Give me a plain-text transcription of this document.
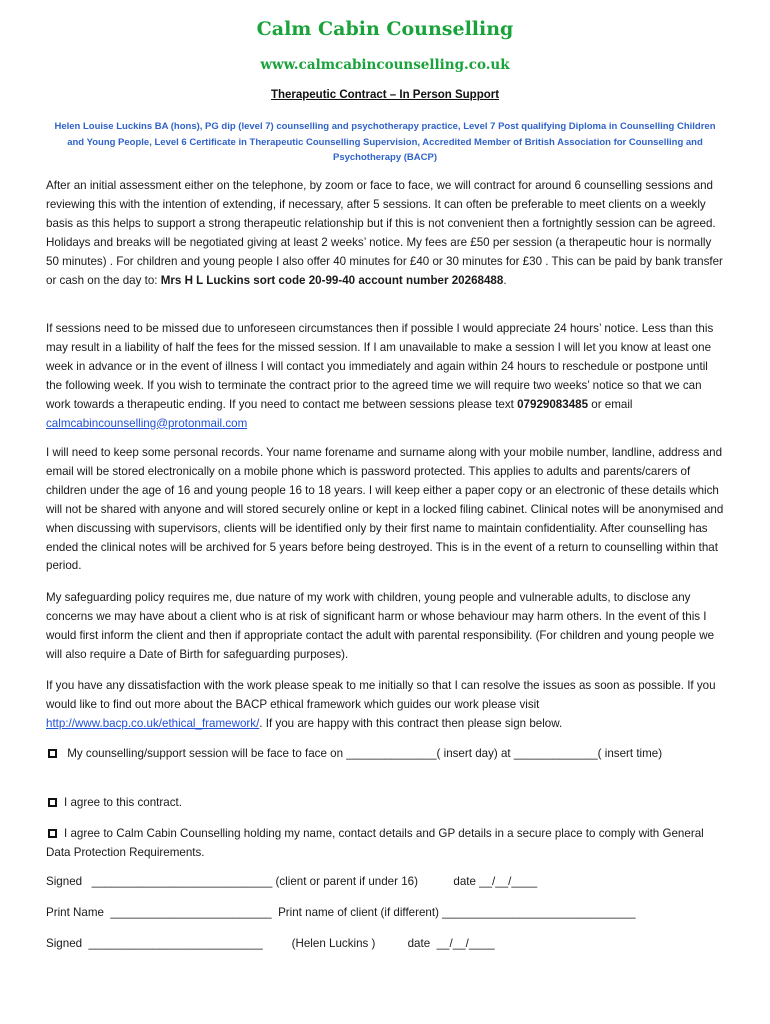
Calm Cabin Counselling
www.calmcabincounselling.co.uk
Therapeutic Contract – In Person Support
Helen Louise Luckins BA (hons), PG dip (level 7) counselling and psychotherapy practice, Level 7 Post qualifying Diploma in Counselling Children and Young People, Level 6 Certificate in Therapeutic Counselling Supervision, Accredited Member of British Association for Counselling and Psychotherapy (BACP)
After an initial assessment either on the telephone, by zoom or face to face, we will contract for around 6 counselling sessions and reviewing this with the intention of extending, if necessary, after 5 sessions. It can often be preferable to meet clients on a weekly basis as this helps to support a strong therapeutic relationship but if this is not convenient then a fortnightly session can be agreed. Holidays and breaks will be negotiated giving at least 2 weeks’ notice. My fees are £50 per session (a therapeutic hour is normally 50 minutes) . For children and young people I also offer 40 minutes for £40 or 30 minutes for £30 . This can be paid by bank transfer or cash on the day to: Mrs H L Luckins sort code 20-99-40 account number 20268488.
If sessions need to be missed due to unforeseen circumstances then if possible I would appreciate 24 hours’ notice. Less than this may result in a liability of half the fees for the missed session. If I am unavailable to make a session I will let you know at least one week in advance or in the event of illness I will contact you immediately and again within 24 hours to reschedule or postpone until the following week. If you wish to terminate the contract prior to the agreed time we will require two weeks’ notice so that we can work towards a therapeutic ending. If you need to contact me between sessions please text 07929083485 or email calmcabincounselling@protonmail.com
I will need to keep some personal records. Your name forename and surname along with your mobile number, landline, address and email will be stored electronically on a mobile phone which is password protected. This applies to adults and parents/carers of children under the age of 16 and young people 16 to 18 years. I will keep either a paper copy or an electronic of these details which will not be shared with anyone and will stored securely online or kept in a locked filing cabinet. Clinical notes will be anonymised and when discussing with supervisors, clients will be identified only by their first name to maintain confidentiality. After counselling has ended the clinical notes will be archived for 5 years before being destroyed. This is in the event of a return to counselling within that period.
My safeguarding policy requires me, due nature of my work with children, young people and vulnerable adults, to disclose any concerns we may have about a client who is at risk of significant harm or whose behaviour may harm others. In the event of this I would first inform the client and then if appropriate contact the adult with parental responsibility. (For children and young people we will also require a Date of Birth for safeguarding purposes).
If you have any dissatisfaction with the work please speak to me initially so that I can resolve the issues as soon as possible. If you would like to find out more about the BACP ethical framework which guides our work please visit http://www.bacp.co.uk/ethical_framework/. If you are happy with this contract then please sign below.
My counselling/support session will be face to face on ______________( insert day) at _____________( insert time)
I agree to this contract.
I agree to Calm Cabin Counselling holding my name, contact details and GP details in a secure place to comply with General Data Protection Requirements.
Signed   ____________________________ (client or parent if under 16)           date __/__/____
Print Name  _________________________  Print name of client (if different) ______________________________
Signed  ___________________________         (Helen Luckins )          date  __/__/____
